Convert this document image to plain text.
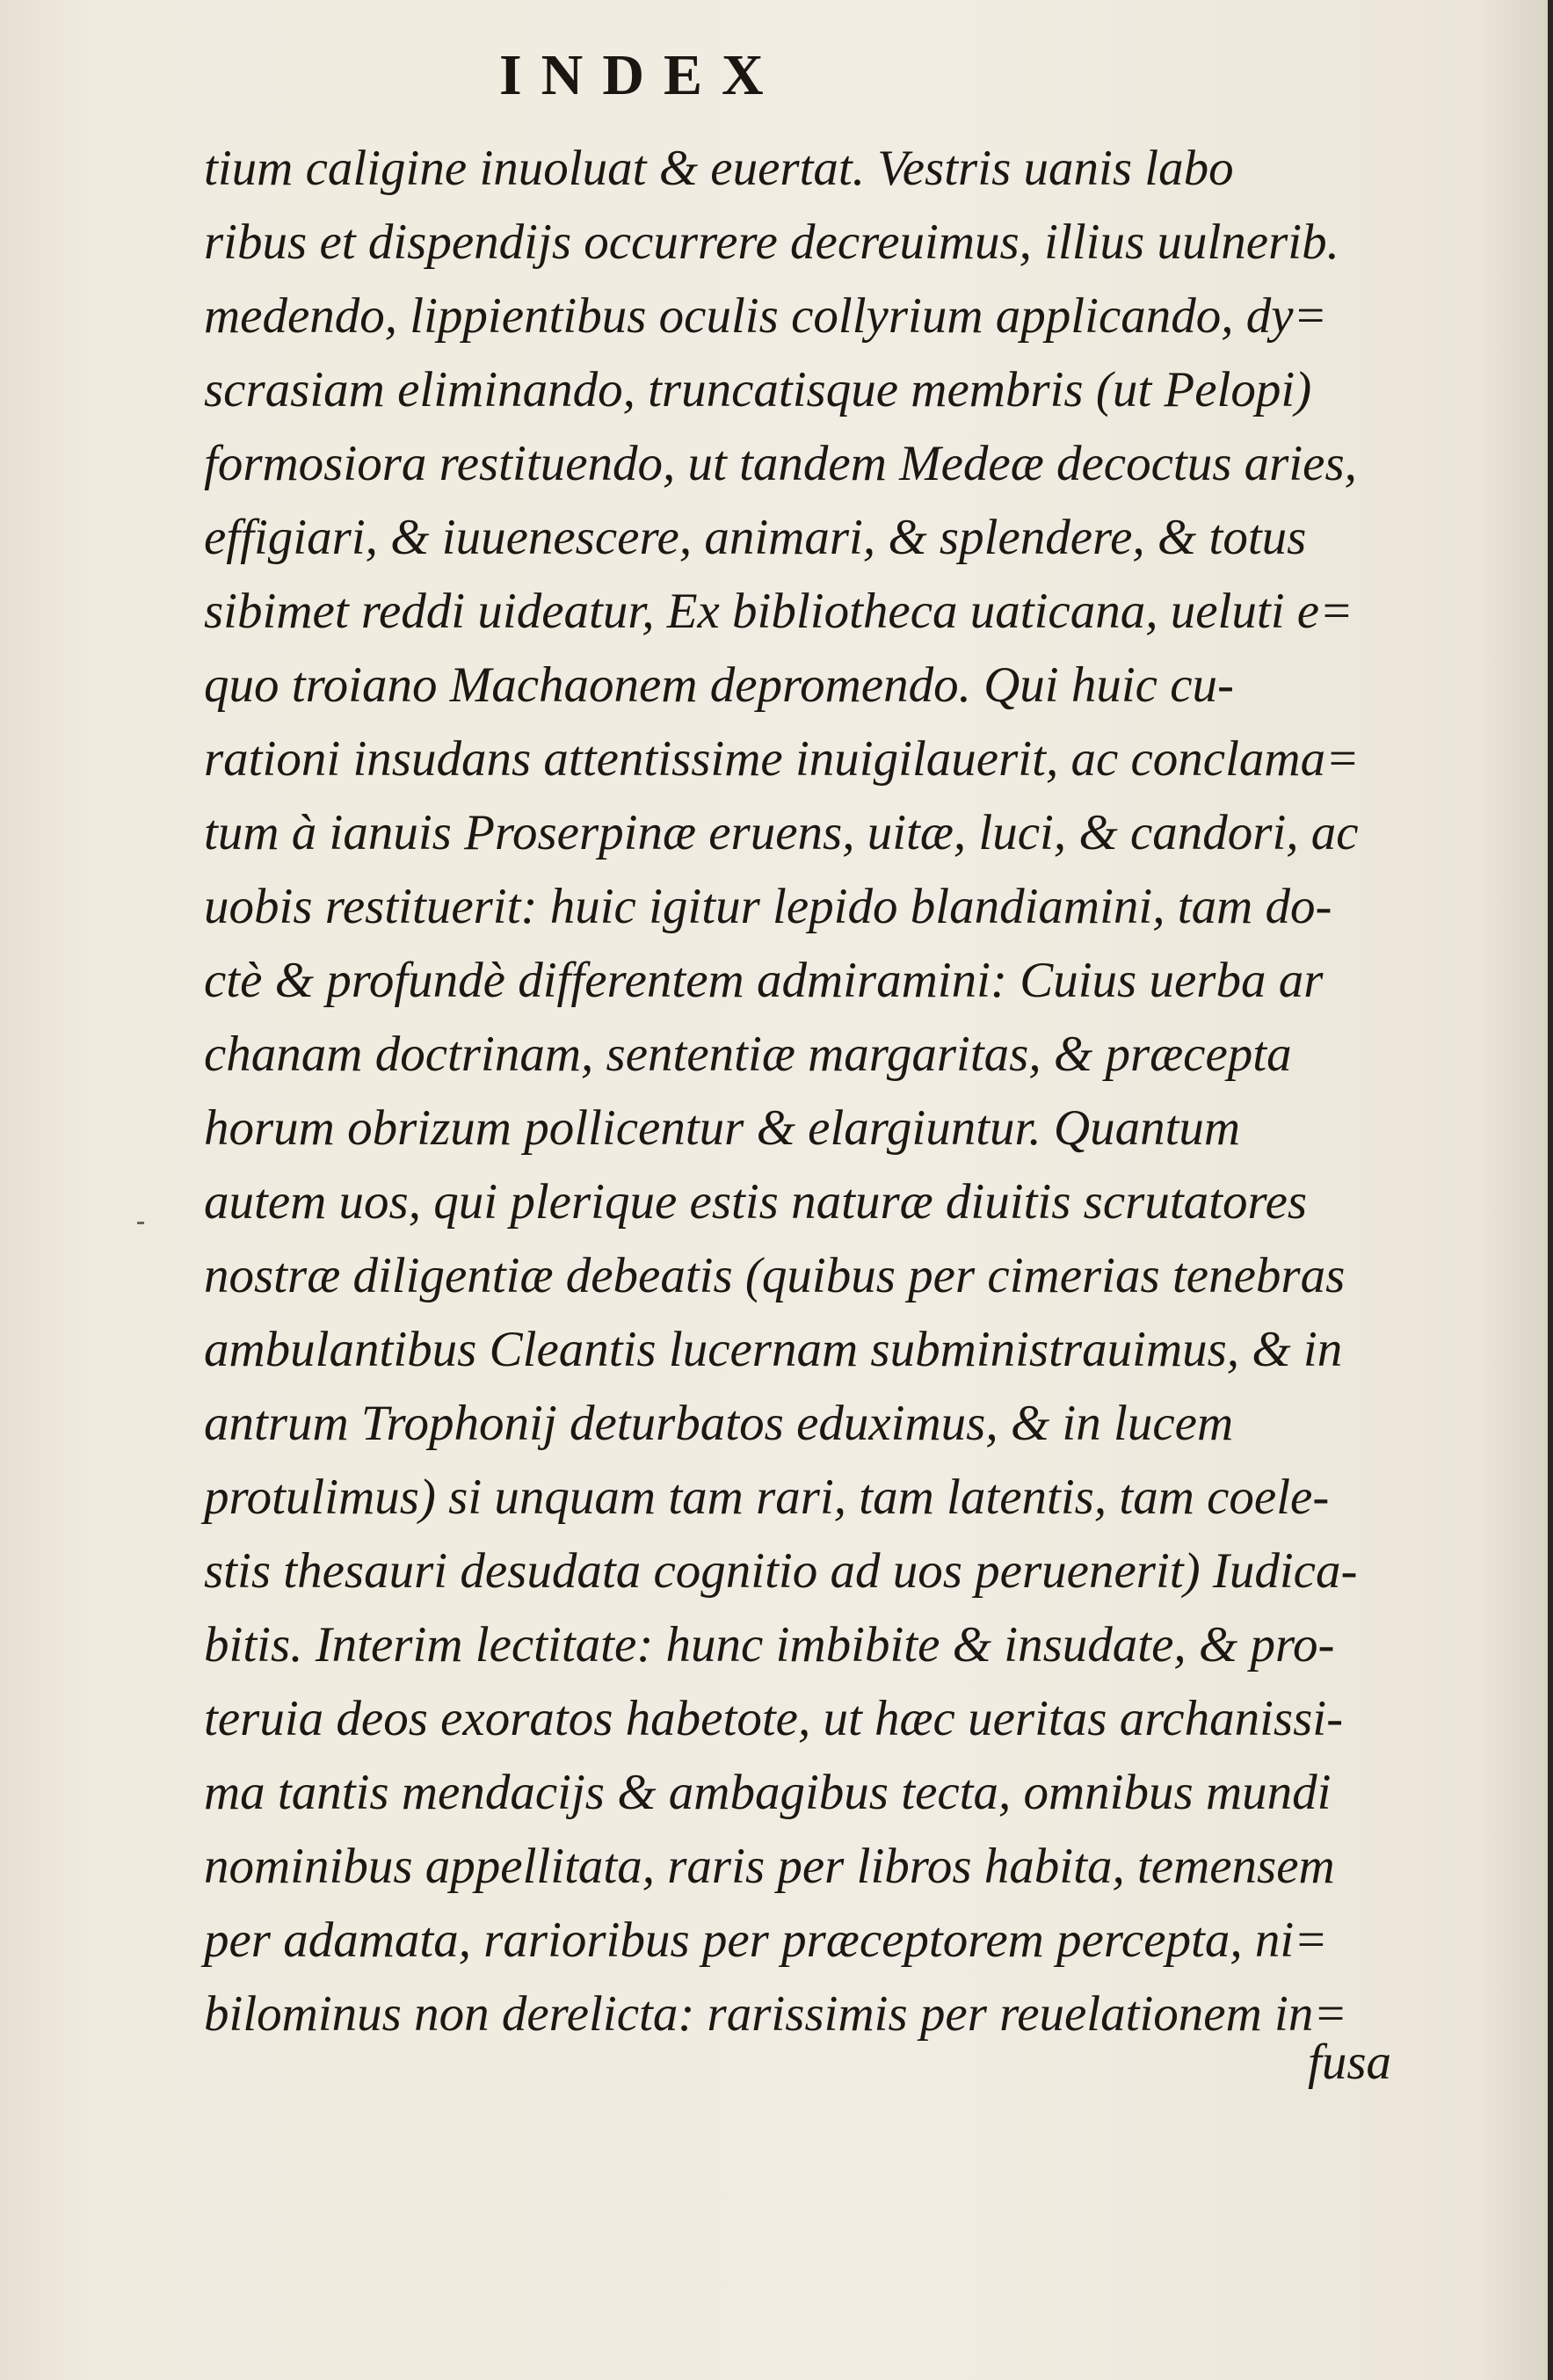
INDEX
tium caligine inuoluat & euertat. Vestris uanis labo
ribus et dispendijs occurrere decreuimus, illius uulnerib.
medendo, lippientibus oculis collyrium applicando, dy=
scrasiam eliminando, truncatisque membris (ut Pelopi)
formosiora restituendo, ut tandem Medeæ decoctus aries,
effigiari, & iuuenescere, animari, & splendere, & totus
sibimet reddi uideatur, Ex bibliotheca uaticana, ueluti e=
quo troiano Machaonem depromendo. Qui huic cu-
rationi insudans attentissime inuigilauerit, ac conclama=
tum à ianuis Proserpinæ eruens, uitæ, luci, & candori, ac
uobis restituerit: huic igitur lepido blandiamini, tam do-
ctè & profundè differentem admiramini: Cuius uerba ar
chanam doctrinam, sententiæ margaritas, & præcepta
horum obrizum pollicentur & elargiuntur. Quantum
autem uos, qui plerique estis naturæ diuitis scrutatores
nostræ diligentiæ debeatis (quibus per cimerias tenebras
ambulantibus Cleantis lucernam subministrauimus, & in
antrum Trophonij deturbatos eduximus, & in lucem
protulimus) si unquam tam rari, tam latentis, tam coele-
stis thesauri desudata cognitio ad uos peruenerit) Iudica-
bitis. Interim lectitate: hunc imbibite & insudate, & pro-
teruia deos exoratos habetote, ut hæc ueritas archanissi-
ma tantis mendacijs & ambagibus tecta, omnibus mundi
nominibus appellitata, raris per libros habita, temensem
per adamata, rarioribus per præceptorem percepta, ni=
bilominus non derelicta: rarissimis per reuelationem in=
fusa
